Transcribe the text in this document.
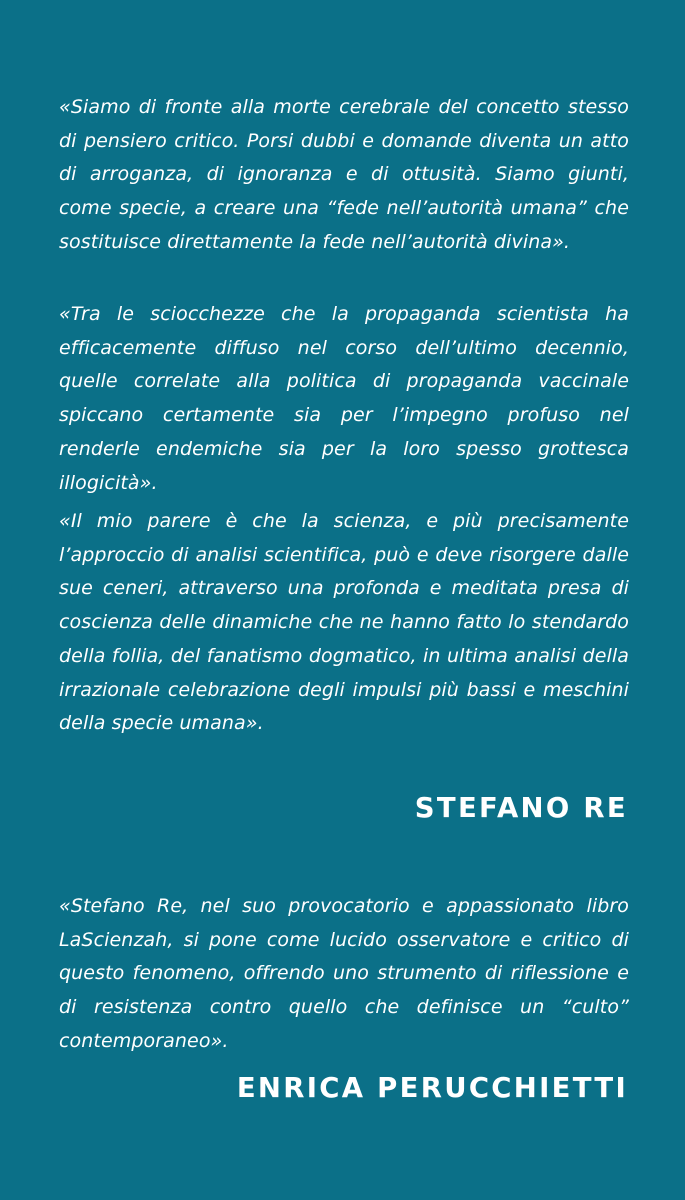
«Siamo di fronte alla morte cerebrale del concetto stesso di pensiero critico. Porsi dubbi e domande diventa un atto di arroganza, di ignoranza e di ottusità. Siamo giunti, come specie, a creare una “fede nell’autorità umana” che sostituisce direttamente la fede nell’autorità divina».

«Tra le sciocchezze che la propaganda scientista ha efficacemente diffuso nel corso dell’ultimo decennio, quelle correlate alla politica di propaganda vaccinale spiccano certamente sia per l’impegno profuso nel renderle endemiche sia per la loro spesso grottesca illogicità».

«Il mio parere è che la scienza, e più precisamente l’approccio di analisi scientifica, può e deve risorgere dalle sue ceneri, attraverso una profonda e meditata presa di coscienza delle dinamiche che ne hanno fatto lo stendardo della follia, del fanatismo dogmatico, in ultima analisi della irrazionale celebrazione degli impulsi più bassi e meschini della specie umana».

STEFANO RE

«Stefano Re, nel suo provocatorio e appassionato libro LaScienzah, si pone come lucido osservatore e critico di questo fenomeno, offrendo uno strumento di riflessione e di resistenza contro quello che definisce un “culto” contemporaneo».

ENRICA PERUCCHIETTI
